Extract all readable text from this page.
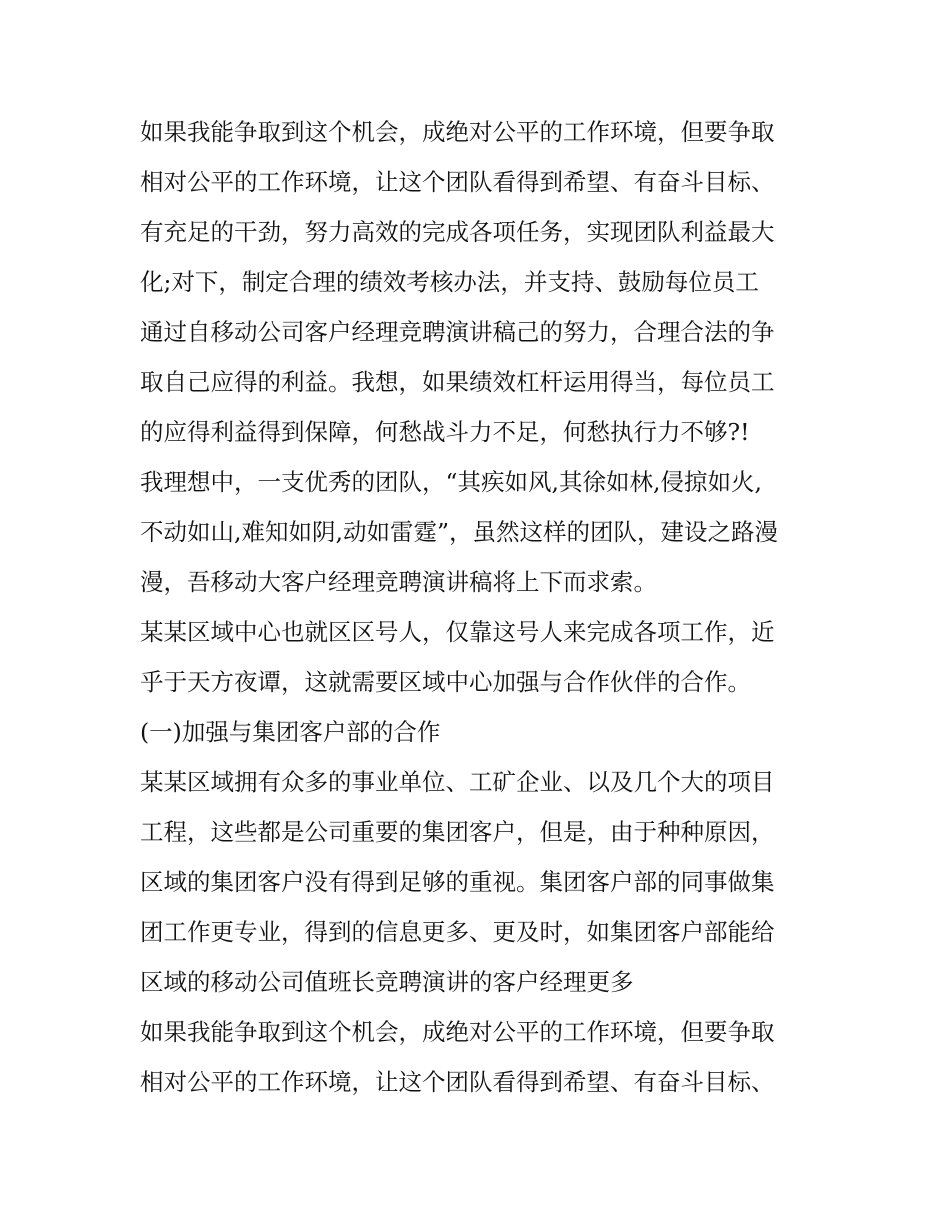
如果我能争取到这个机会，成绝对公平的工作环境，但要争取
相对公平的工作环境，让这个团队看得到希望、有奋斗目标、
有充足的干劲，努力高效的完成各项任务，实现团队利益最大
化;对下，制定合理的绩效考核办法，并支持、鼓励每位员工
通过自移动公司客户经理竞聘演讲稿己的努力，合理合法的争
取自己应得的利益。我想，如果绩效杠杆运用得当，每位员工
的应得利益得到保障，何愁战斗力不足，何愁执行力不够?!
我理想中，一支优秀的团队，“其疾如风,其徐如林,侵掠如火,
不动如山,难知如阴,动如雷霆”，虽然这样的团队，建设之路漫
漫，吾移动大客户经理竞聘演讲稿将上下而求索。
某某区域中心也就区区号人，仅靠这号人来完成各项工作，近
乎于天方夜谭，这就需要区域中心加强与合作伙伴的合作。
(一)加强与集团客户部的合作
某某区域拥有众多的事业单位、工矿企业、以及几个大的项目
工程，这些都是公司重要的集团客户，但是，由于种种原因，
区域的集团客户没有得到足够的重视。集团客户部的同事做集
团工作更专业，得到的信息更多、更及时，如集团客户部能给
区域的移动公司值班长竞聘演讲的客户经理更多
如果我能争取到这个机会，成绝对公平的工作环境，但要争取
相对公平的工作环境，让这个团队看得到希望、有奋斗目标、
